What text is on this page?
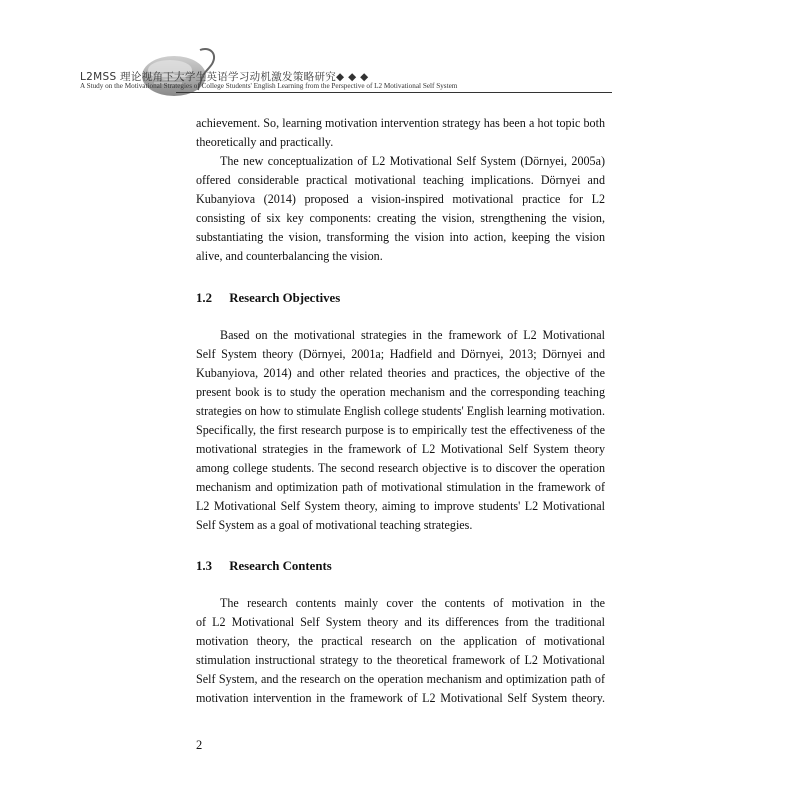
L2MSS 理论视角下大学生英语学习动机激发策略研究◆ ◆ ◆
A Study on the Motivational Strategies of College Students' English Learning from the Perspective of L2 Motivational Self System

achievement. So, learning motivation intervention strategy has been a hot topic both
theoretically and practically.

The new conceptualization of L2 Motivational Self System (Dörnyei, 2005a)
offered considerable practical motivational teaching implications. Dörnyei and
Kubanyiova (2014) proposed a vision-inspired motivational practice for L2
consisting of six key components: creating the vision, strengthening the vision,
substantiating the vision, transforming the vision into action, keeping the vision
alive, and counterbalancing the vision.

1.2 Research Objectives

Based on the motivational strategies in the framework of L2 Motivational
Self System theory (Dörnyei, 2001a; Hadfield and Dörnyei, 2013; Dörnyei and
Kubanyiova, 2014) and other related theories and practices, the objective of the
present book is to study the operation mechanism and the corresponding teaching
strategies on how to stimulate English college students' English learning motivation.
Specifically, the first research purpose is to empirically test the effectiveness of the
motivational strategies in the framework of L2 Motivational Self System theory
among college students. The second research objective is to discover the operation
mechanism and optimization path of motivational stimulation in the framework of
L2 Motivational Self System theory, aiming to improve students' L2 Motivational
Self System as a goal of motivational teaching strategies.

1.3 Research Contents

The research contents mainly cover the contents of motivation in the
of L2 Motivational Self System theory and its differences from the traditional
motivation theory, the practical research on the application of motivational
stimulation instructional strategy to the theoretical framework of L2 Motivational
Self System, and the research on the operation mechanism and optimization path of
motivation intervention in the framework of L2 Motivational Self System theory.

2
